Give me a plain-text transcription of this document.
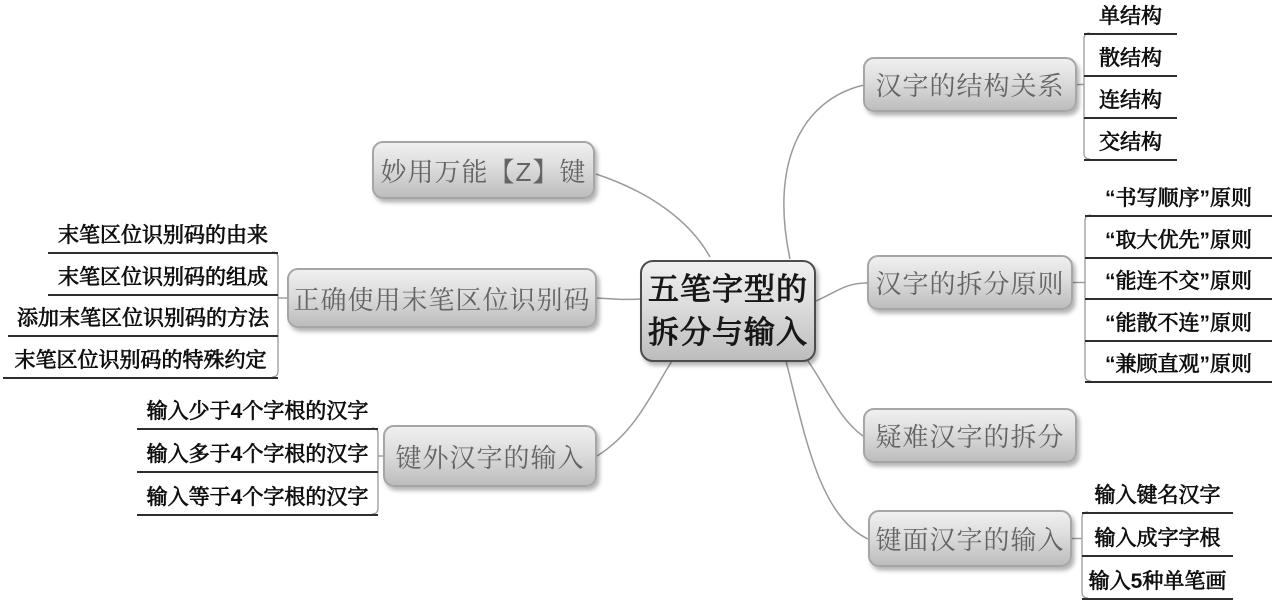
五笔字型的
拆分与输入
汉字的结构关系
单结构
散结构
连结构
交结构
汉字的拆分原则
“书写顺序”原则
“取大优先”原则
“能连不交”原则
“能散不连”原则
“兼顾直观”原则
疑难汉字的拆分
键面汉字的输入
输入键名汉字
输入成字字根
输入5种单笔画
妙用万能【Z】键
正确使用末笔区位识别码
末笔区位识别码的由来
末笔区位识别码的组成
添加末笔区位识别码的方法
末笔区位识别码的特殊约定
键外汉字的输入
输入少于4个字根的汉字
输入多于4个字根的汉字
输入等于4个字根的汉字
